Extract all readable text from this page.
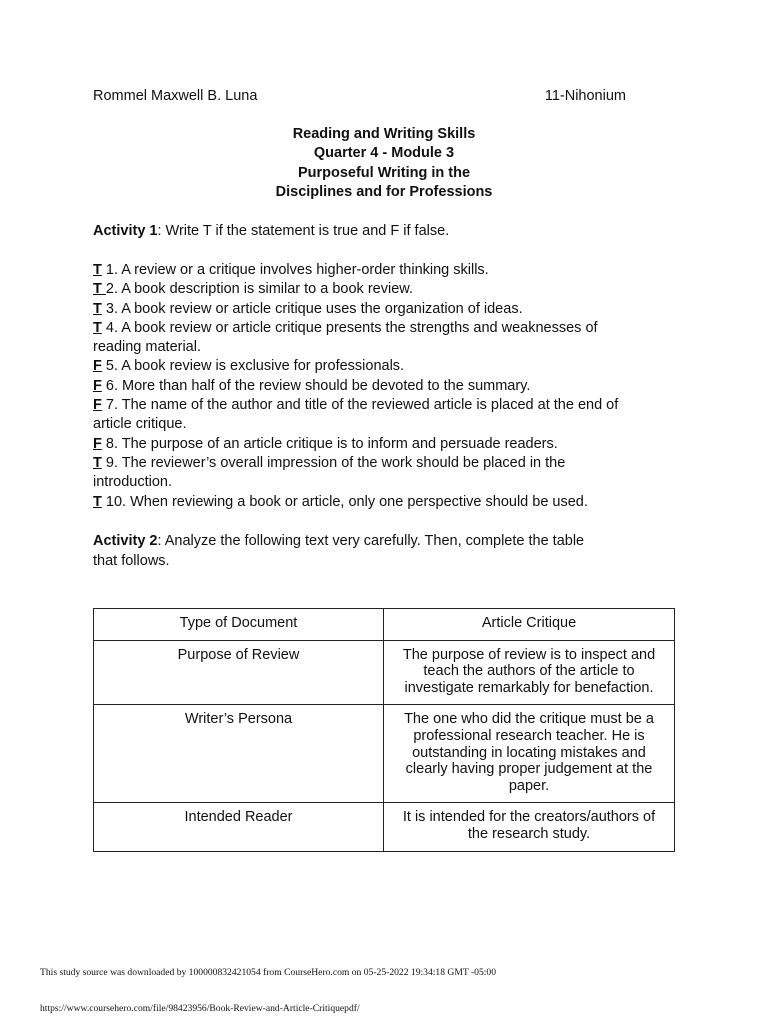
Rommel Maxwell B. Luna	11-Nihonium
Reading and Writing Skills
Quarter 4 - Module 3
Purposeful Writing in the
Disciplines and for Professions
Activity 1: Write T if the statement is true and F if false.

T 1. A review or a critique involves higher-order thinking skills.

T 2. A book description is similar to a book review.

T 3. A book review or article critique uses the organization of ideas.

T 4. A book review or article critique presents the strengths and weaknesses of reading material.

F 5. A book review is exclusive for professionals.

F 6. More than half of the review should be devoted to the summary.

F 7. The name of the author and title of the reviewed article is placed at the end of article critique.

F 8. The purpose of an article critique is to inform and persuade readers.

T 9. The reviewer’s overall impression of the work should be placed in the introduction.

T 10. When reviewing a book or article, only one perspective should be used.

Activity 2: Analyze the following text very carefully. Then, complete the table that follows.
Type of Document	Article Critique
Purpose of Review	The purpose of review is to inspect and teach the authors of the article to investigate remarkably for benefaction.
Writer’s Persona	The one who did the critique must be a professional research teacher. He is outstanding in locating mistakes and clearly having proper judgement at the paper.
Intended Reader	It is intended for the creators/authors of the research study.
This study source was downloaded by 100000832421054 from CourseHero.com on 05-25-2022 19:34:18 GMT -05:00
https://www.coursehero.com/file/98423956/Book-Review-and-Article-Critiquepdf/
